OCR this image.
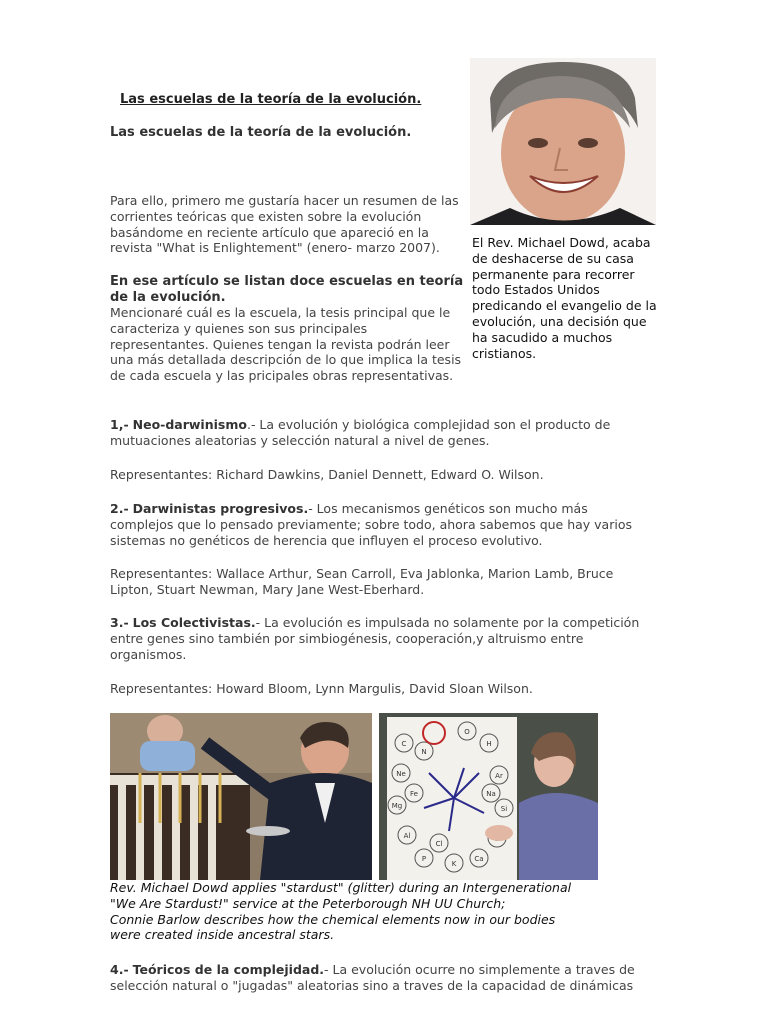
Las escuelas de la teoría de la evolución.
Las escuelas de la teoría de la evolución.
El Rev. Michael Dowd, acaba de deshacerse de su casa permanente para recorrer todo Estados Unidos predicando el evangelio de la evolución, una decisión que ha sacudido a muchos cristianos.
Para ello, primero me gustaría hacer un resumen de las corrientes teóricas que existen sobre la evolución basándome en reciente artículo que apareció en la revista "What is Enlightement" (enero- marzo 2007).
En ese artículo se listan doce escuelas en teoría de la evolución.
Mencionaré cuál es la escuela, la tesis principal que le caracteriza y quienes son sus principales representantes. Quienes tengan la revista podrán leer una más detallada descripción de lo que implica la tesis de cada escuela y las pricipales obras representativas.
1,- Neo-darwinismo.- La evolución y biológica complejidad son el producto de mutuaciones aleatorias y selección natural a nivel de genes.
Representantes: Richard Dawkins, Daniel Dennett, Edward O. Wilson.
2.- Darwinistas progresivos.- Los mecanismos genéticos son mucho más complejos que lo pensado previamente; sobre todo, ahora sabemos que hay varios sistemas no genéticos de herencia que influyen el proceso evolutivo.
Representantes: Wallace Arthur, Sean Carroll, Eva Jablonka, Marion Lamb, Bruce Lipton, Stuart Newman, Mary Jane West-Eberhard.
3.- Los Colectivistas.- La evolución es impulsada no solamente por la competición entre genes sino también por simbiogénesis, cooperación,y altruismo entre organismos.
Representantes: Howard Bloom, Lynn Margulis, David Sloan Wilson.
C
N
O
H
Ne	Ar
Mg	Si
Al
P
K
Ca
Fe	Na
Cl
Rev. Michael Dowd applies "stardust" (glitter) during an Intergenerational
"We Are Stardust!" service at the Peterborough NH UU Church;
Connie Barlow describes how the chemical elements now in our bodies
were created inside ancestral stars.
4.- Teóricos de la complejidad.- La evolución ocurre no simplemente a traves de selección natural o "jugadas" aleatorias sino a traves de la capacidad de dinámicas
